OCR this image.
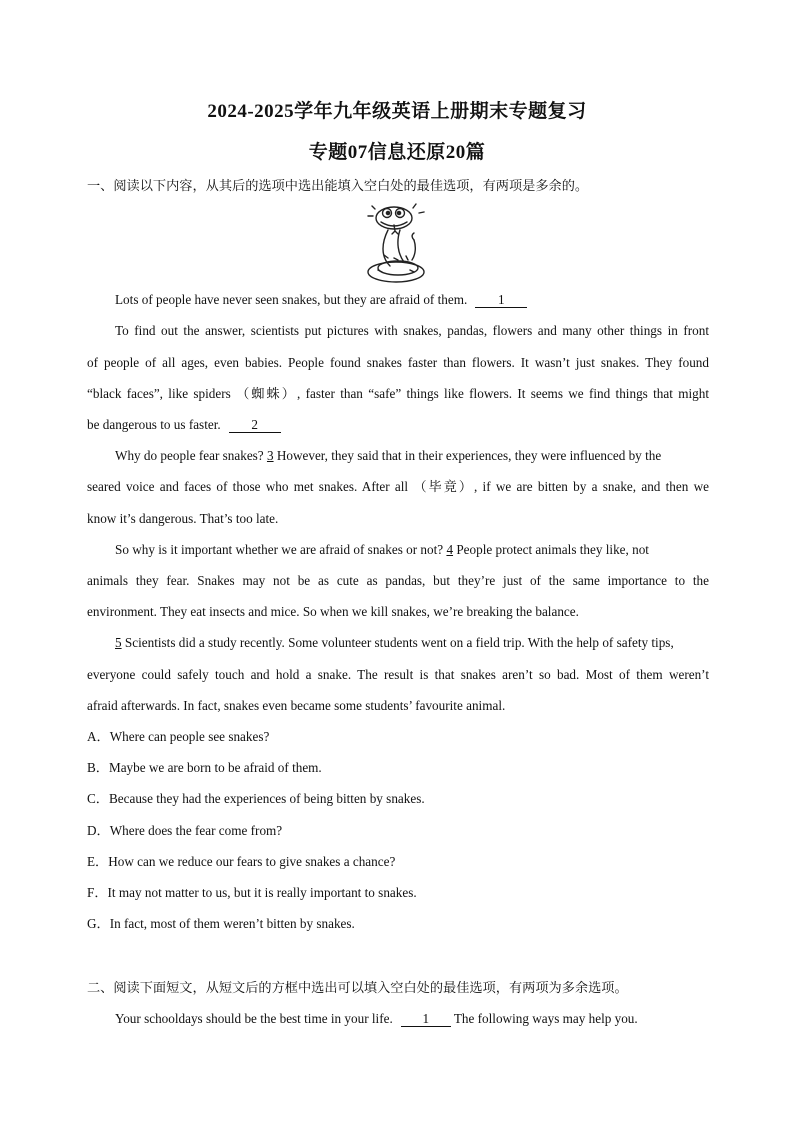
2024-2025学年九年级英语上册期末专题复习
专题07信息还原20篇
一、阅读以下内容，从其后的选项中选出能填入空白处的最佳选项，有两项是多余的。
Lots of people have never seen snakes, but they are afraid of them. 1
To find out the answer, scientists put pictures with snakes, pandas, flowers and many other things in front
of people of all ages, even babies. People found snakes faster than flowers. It wasn’t just snakes. They found
“black faces”, like spiders （蜘蛛）, faster than “safe” things like flowers. It seems we find things that might
be dangerous to us faster. 2
Why do people fear snakes? 3 However, they said that in their experiences, they were influenced by the
seared voice and faces of those who met snakes. After all （毕竟）, if we are bitten by a snake, and then we
know it’s dangerous. That’s too late.
So why is it important whether we are afraid of snakes or not? 4 People protect animals they like, not
animals they fear. Snakes may not be as cute as pandas, but they’re just of the same importance to the
environment. They eat insects and mice. So when we kill snakes, we’re breaking the balance.
5 Scientists did a study recently. Some volunteer students went on a field trip. With the help of safety tips,
everyone could safely touch and hold a snake. The result is that snakes aren’t so bad. Most of them weren’t
afraid afterwards. In fact, snakes even became some students’ favourite animal.
A．Where can people see snakes?
B．Maybe we are born to be afraid of them.
C．Because they had the experiences of being bitten by snakes.
D．Where does the fear come from?
E．How can we reduce our fears to give snakes a chance?
F．It may not matter to us, but it is really important to snakes.
G．In fact, most of them weren’t bitten by snakes.
二、阅读下面短文，从短文后的方框中选出可以填入空白处的最佳选项，有两项为多余选项。
Your schooldays should be the best time in your life. 1 The following ways may help you.
